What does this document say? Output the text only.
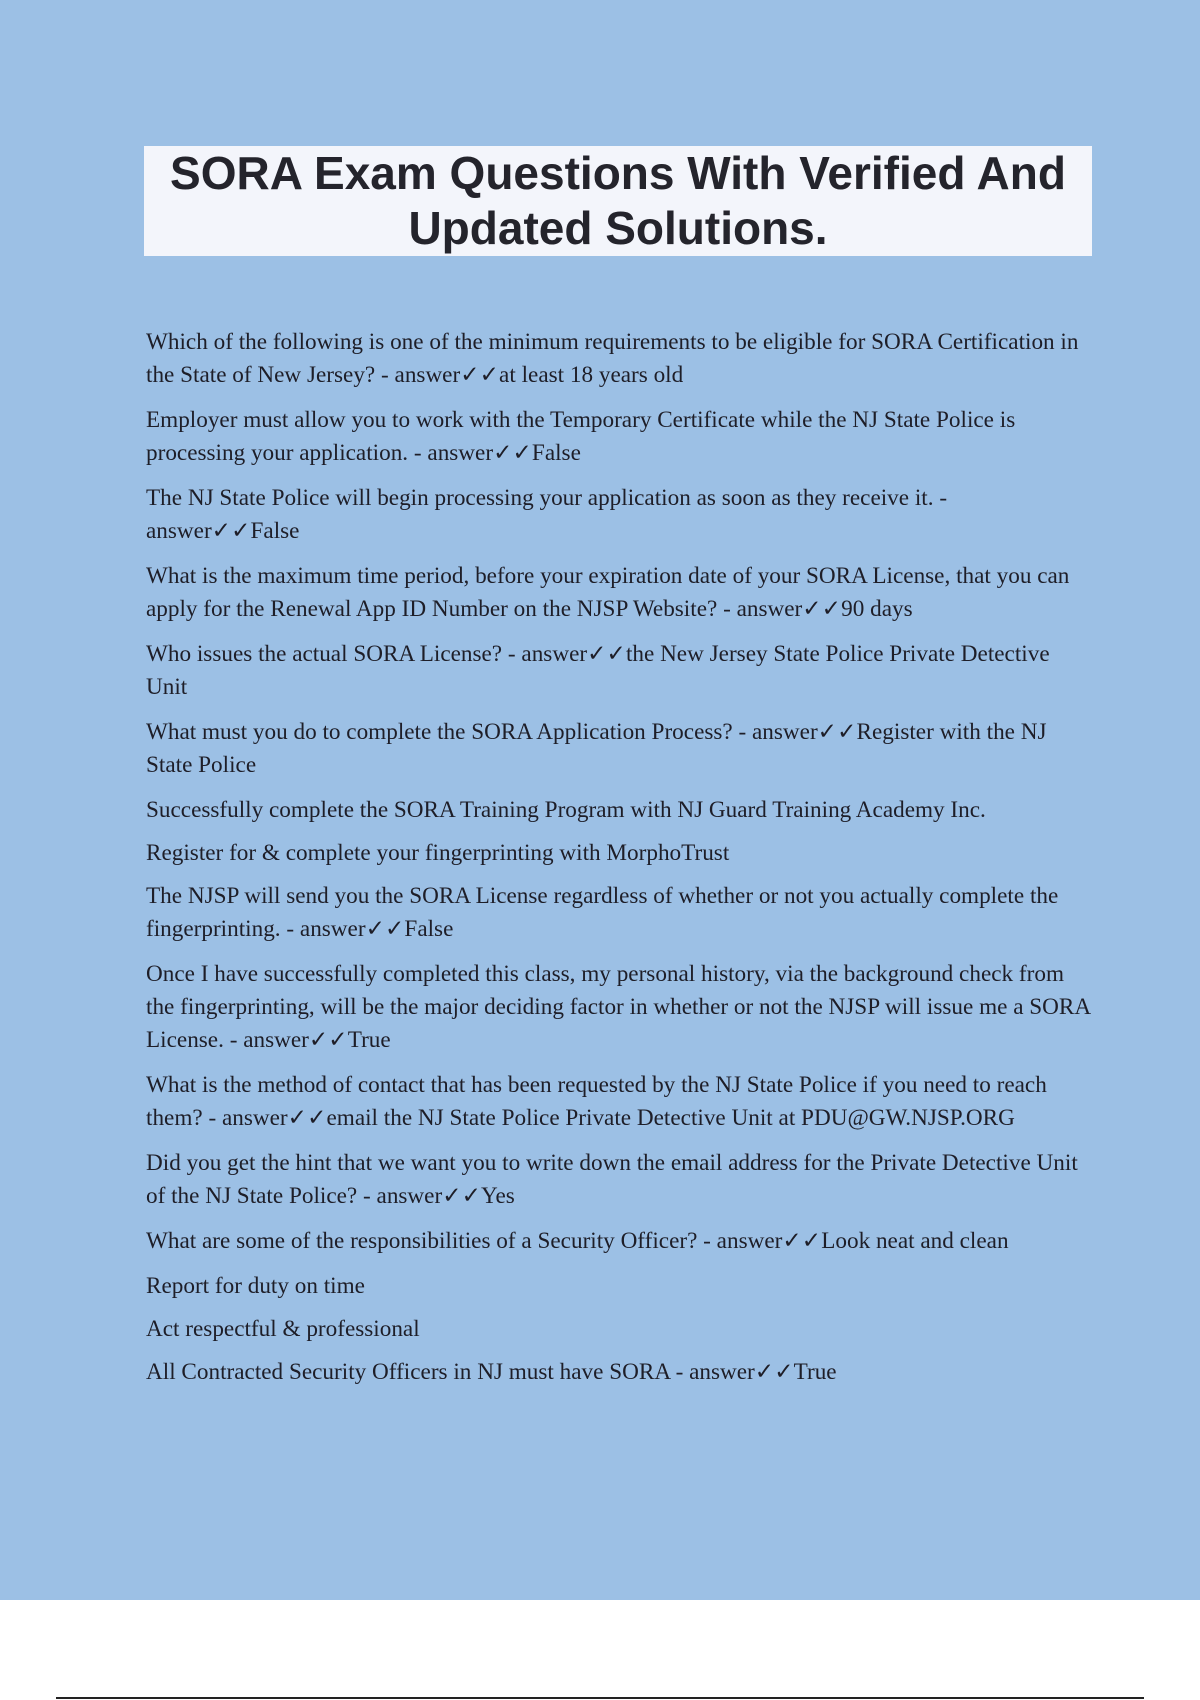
SORA Exam Questions With Verified And Updated Solutions.

Which of the following is one of the minimum requirements to be eligible for SORA Certification in the State of New Jersey? - answer✓✓at least 18 years old

Employer must allow you to work with the Temporary Certificate while the NJ State Police is processing your application. - answer✓✓False

The NJ State Police will begin processing your application as soon as they receive it. - answer✓✓False

What is the maximum time period, before your expiration date of your SORA License, that you can apply for the Renewal App ID Number on the NJSP Website? - answer✓✓90 days

Who issues the actual SORA License? - answer✓✓the New Jersey State Police Private Detective Unit

What must you do to complete the SORA Application Process? - answer✓✓Register with the NJ State Police

Successfully complete the SORA Training Program with NJ Guard Training Academy Inc.

Register for & complete your fingerprinting with MorphoTrust

The NJSP will send you the SORA License regardless of whether or not you actually complete the fingerprinting. - answer✓✓False

Once I have successfully completed this class, my personal history, via the background check from the fingerprinting, will be the major deciding factor in whether or not the NJSP will issue me a SORA License. - answer✓✓True

What is the method of contact that has been requested by the NJ State Police if you need to reach them? - answer✓✓email the NJ State Police Private Detective Unit at PDU@GW.NJSP.ORG

Did you get the hint that we want you to write down the email address for the Private Detective Unit of the NJ State Police? - answer✓✓Yes

What are some of the responsibilities of a Security Officer? - answer✓✓Look neat and clean

Report for duty on time

Act respectful & professional

All Contracted Security Officers in NJ must have SORA - answer✓✓True
